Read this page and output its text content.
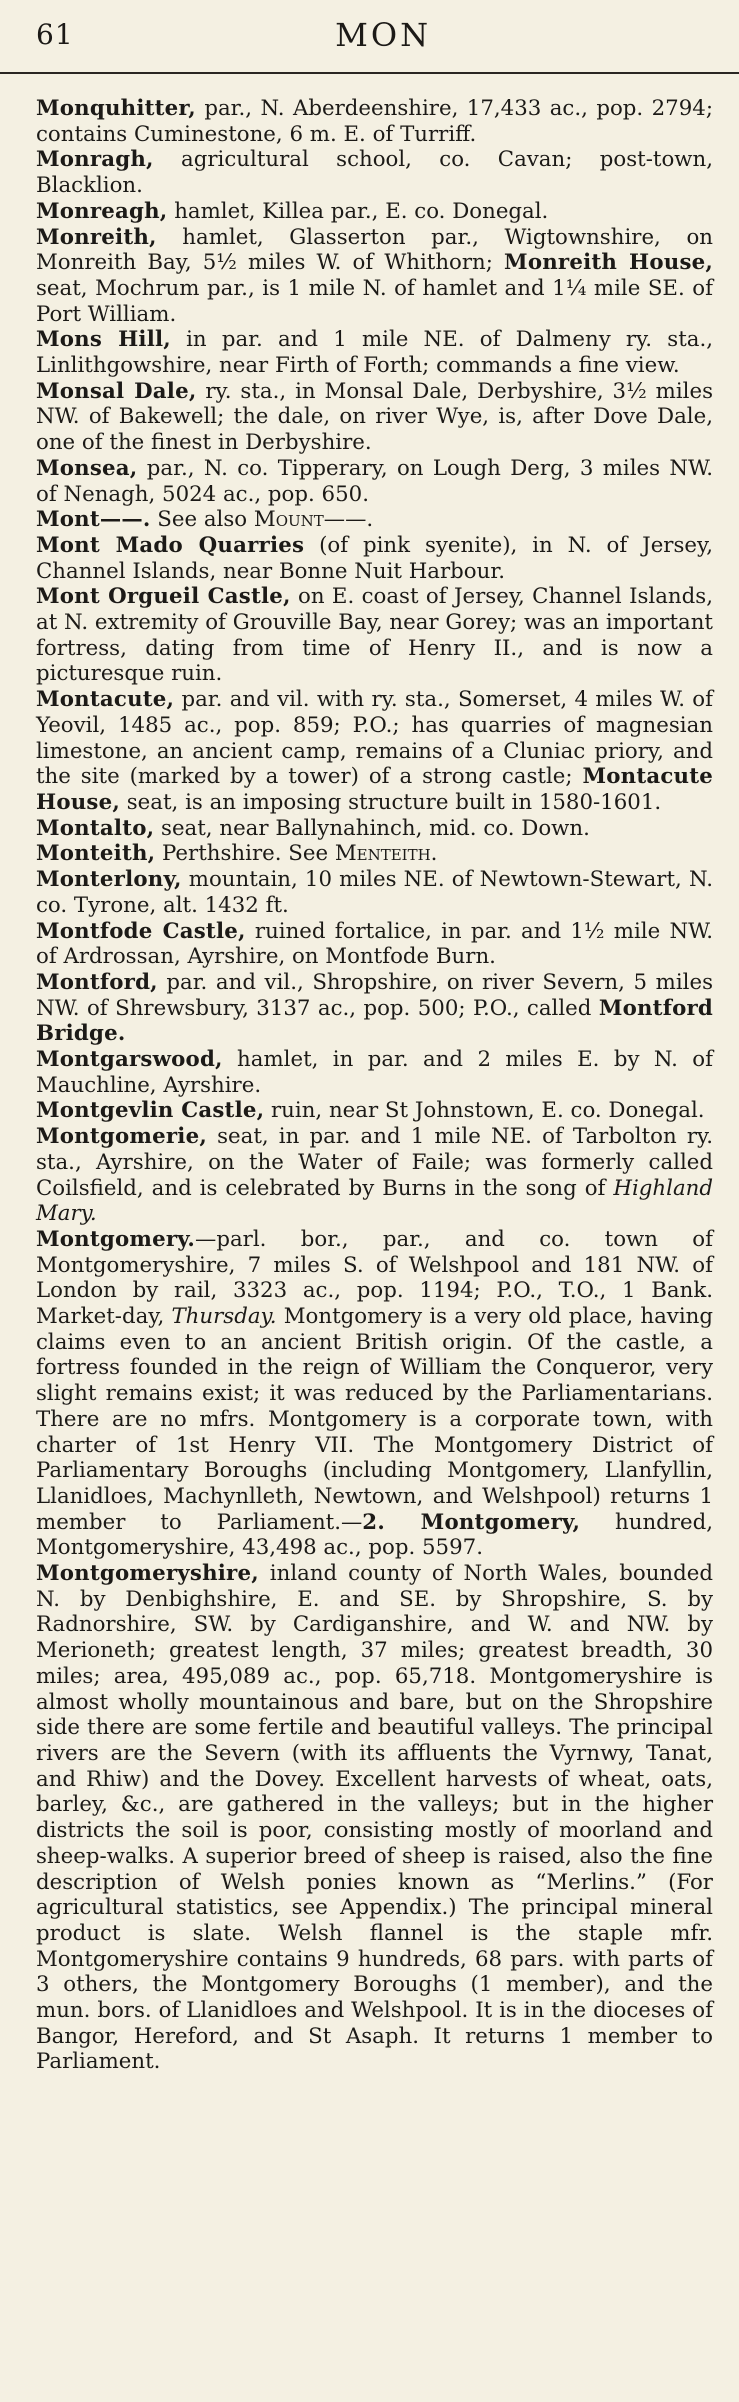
61	MON

Monquhitter, par., N. Aberdeenshire, 17,433 ac., pop. 2794; contains Cuminestone, 6 m. E. of Turriff.

Monragh, agricultural school, co. Cavan; post-town, Blacklion.

Monreagh, hamlet, Killea par., E. co. Donegal.

Monreith, hamlet, Glasserton par., Wigtownshire, on Monreith Bay, 5½ miles W. of Whithorn; Monreith House, seat, Mochrum par., is 1 mile N. of hamlet and 1¼ mile SE. of Port William.

Mons Hill, in par. and 1 mile NE. of Dalmeny ry. sta., Linlithgowshire, near Firth of Forth; commands a fine view.

Monsal Dale, ry. sta., in Monsal Dale, Derbyshire, 3½ miles NW. of Bakewell; the dale, on river Wye, is, after Dove Dale, one of the finest in Derbyshire.

Monsea, par., N. co. Tipperary, on Lough Derg, 3 miles NW. of Nenagh, 5024 ac., pop. 650.

Mont——. See also Mount——.

Mont Mado Quarries (of pink syenite), in N. of Jersey, Channel Islands, near Bonne Nuit Harbour.

Mont Orgueil Castle, on E. coast of Jersey, Channel Islands, at N. extremity of Grouville Bay, near Gorey; was an important fortress, dating from time of Henry II., and is now a picturesque ruin.

Montacute, par. and vil. with ry. sta., Somerset, 4 miles W. of Yeovil, 1485 ac., pop. 859; P.O.; has quarries of magnesian limestone, an ancient camp, remains of a Cluniac priory, and the site (marked by a tower) of a strong castle; Montacute House, seat, is an imposing structure built in 1580-1601.

Montalto, seat, near Ballynahinch, mid. co. Down.

Monteith, Perthshire. See Menteith.

Monterlony, mountain, 10 miles NE. of Newtown-Stewart, N. co. Tyrone, alt. 1432 ft.

Montfode Castle, ruined fortalice, in par. and 1½ mile NW. of Ardrossan, Ayrshire, on Montfode Burn.

Montford, par. and vil., Shropshire, on river Severn, 5 miles NW. of Shrewsbury, 3137 ac., pop. 500; P.O., called Montford Bridge.

Montgarswood, hamlet, in par. and 2 miles E. by N. of Mauchline, Ayrshire.

Montgevlin Castle, ruin, near St Johnstown, E. co. Donegal.

Montgomerie, seat, in par. and 1 mile NE. of Tarbolton ry. sta., Ayrshire, on the Water of Faile; was formerly called Coilsfield, and is celebrated by Burns in the song of Highland Mary.

Montgomery.—parl. bor., par., and co. town of Montgomeryshire, 7 miles S. of Welshpool and 181 NW. of London by rail, 3323 ac., pop. 1194; P.O., T.O., 1 Bank. Market-day, Thursday. Montgomery is a very old place, having claims even to an ancient British origin. Of the castle, a fortress founded in the reign of William the Conqueror, very slight remains exist; it was reduced by the Parliamentarians. There are no mfrs. Montgomery is a corporate town, with charter of 1st Henry VII. The Montgomery District of Parliamentary Boroughs (including Montgomery, Llanfyllin, Llanidloes, Machynlleth, Newtown, and Welshpool) returns 1 member to Parliament.—2. Montgomery, hundred, Montgomeryshire, 43,498 ac., pop. 5597.

Montgomeryshire, inland county of North Wales, bounded N. by Denbighshire, E. and SE. by Shropshire, S. by Radnorshire, SW. by Cardiganshire, and W. and NW. by Merioneth; greatest length, 37 miles; greatest breadth, 30 miles; area, 495,089 ac., pop. 65,718. Montgomeryshire is almost wholly mountainous and bare, but on the Shropshire side there are some fertile and beautiful valleys. The principal rivers are the Severn (with its affluents the Vyrnwy, Tanat, and Rhiw) and the Dovey. Excellent harvests of wheat, oats, barley, &c., are gathered in the valleys; but in the higher districts the soil is poor, consisting mostly of moorland and sheep-walks. A superior breed of sheep is raised, also the fine description of Welsh ponies known as “Merlins.” (For agricultural statistics, see Appendix.) The principal mineral product is slate. Welsh flannel is the staple mfr. Montgomeryshire contains 9 hundreds, 68 pars. with parts of 3 others, the Montgomery Boroughs (1 member), and the mun. bors. of Llanidloes and Welshpool. It is in the dioceses of Bangor, Hereford, and St Asaph. It returns 1 member to Parliament.
